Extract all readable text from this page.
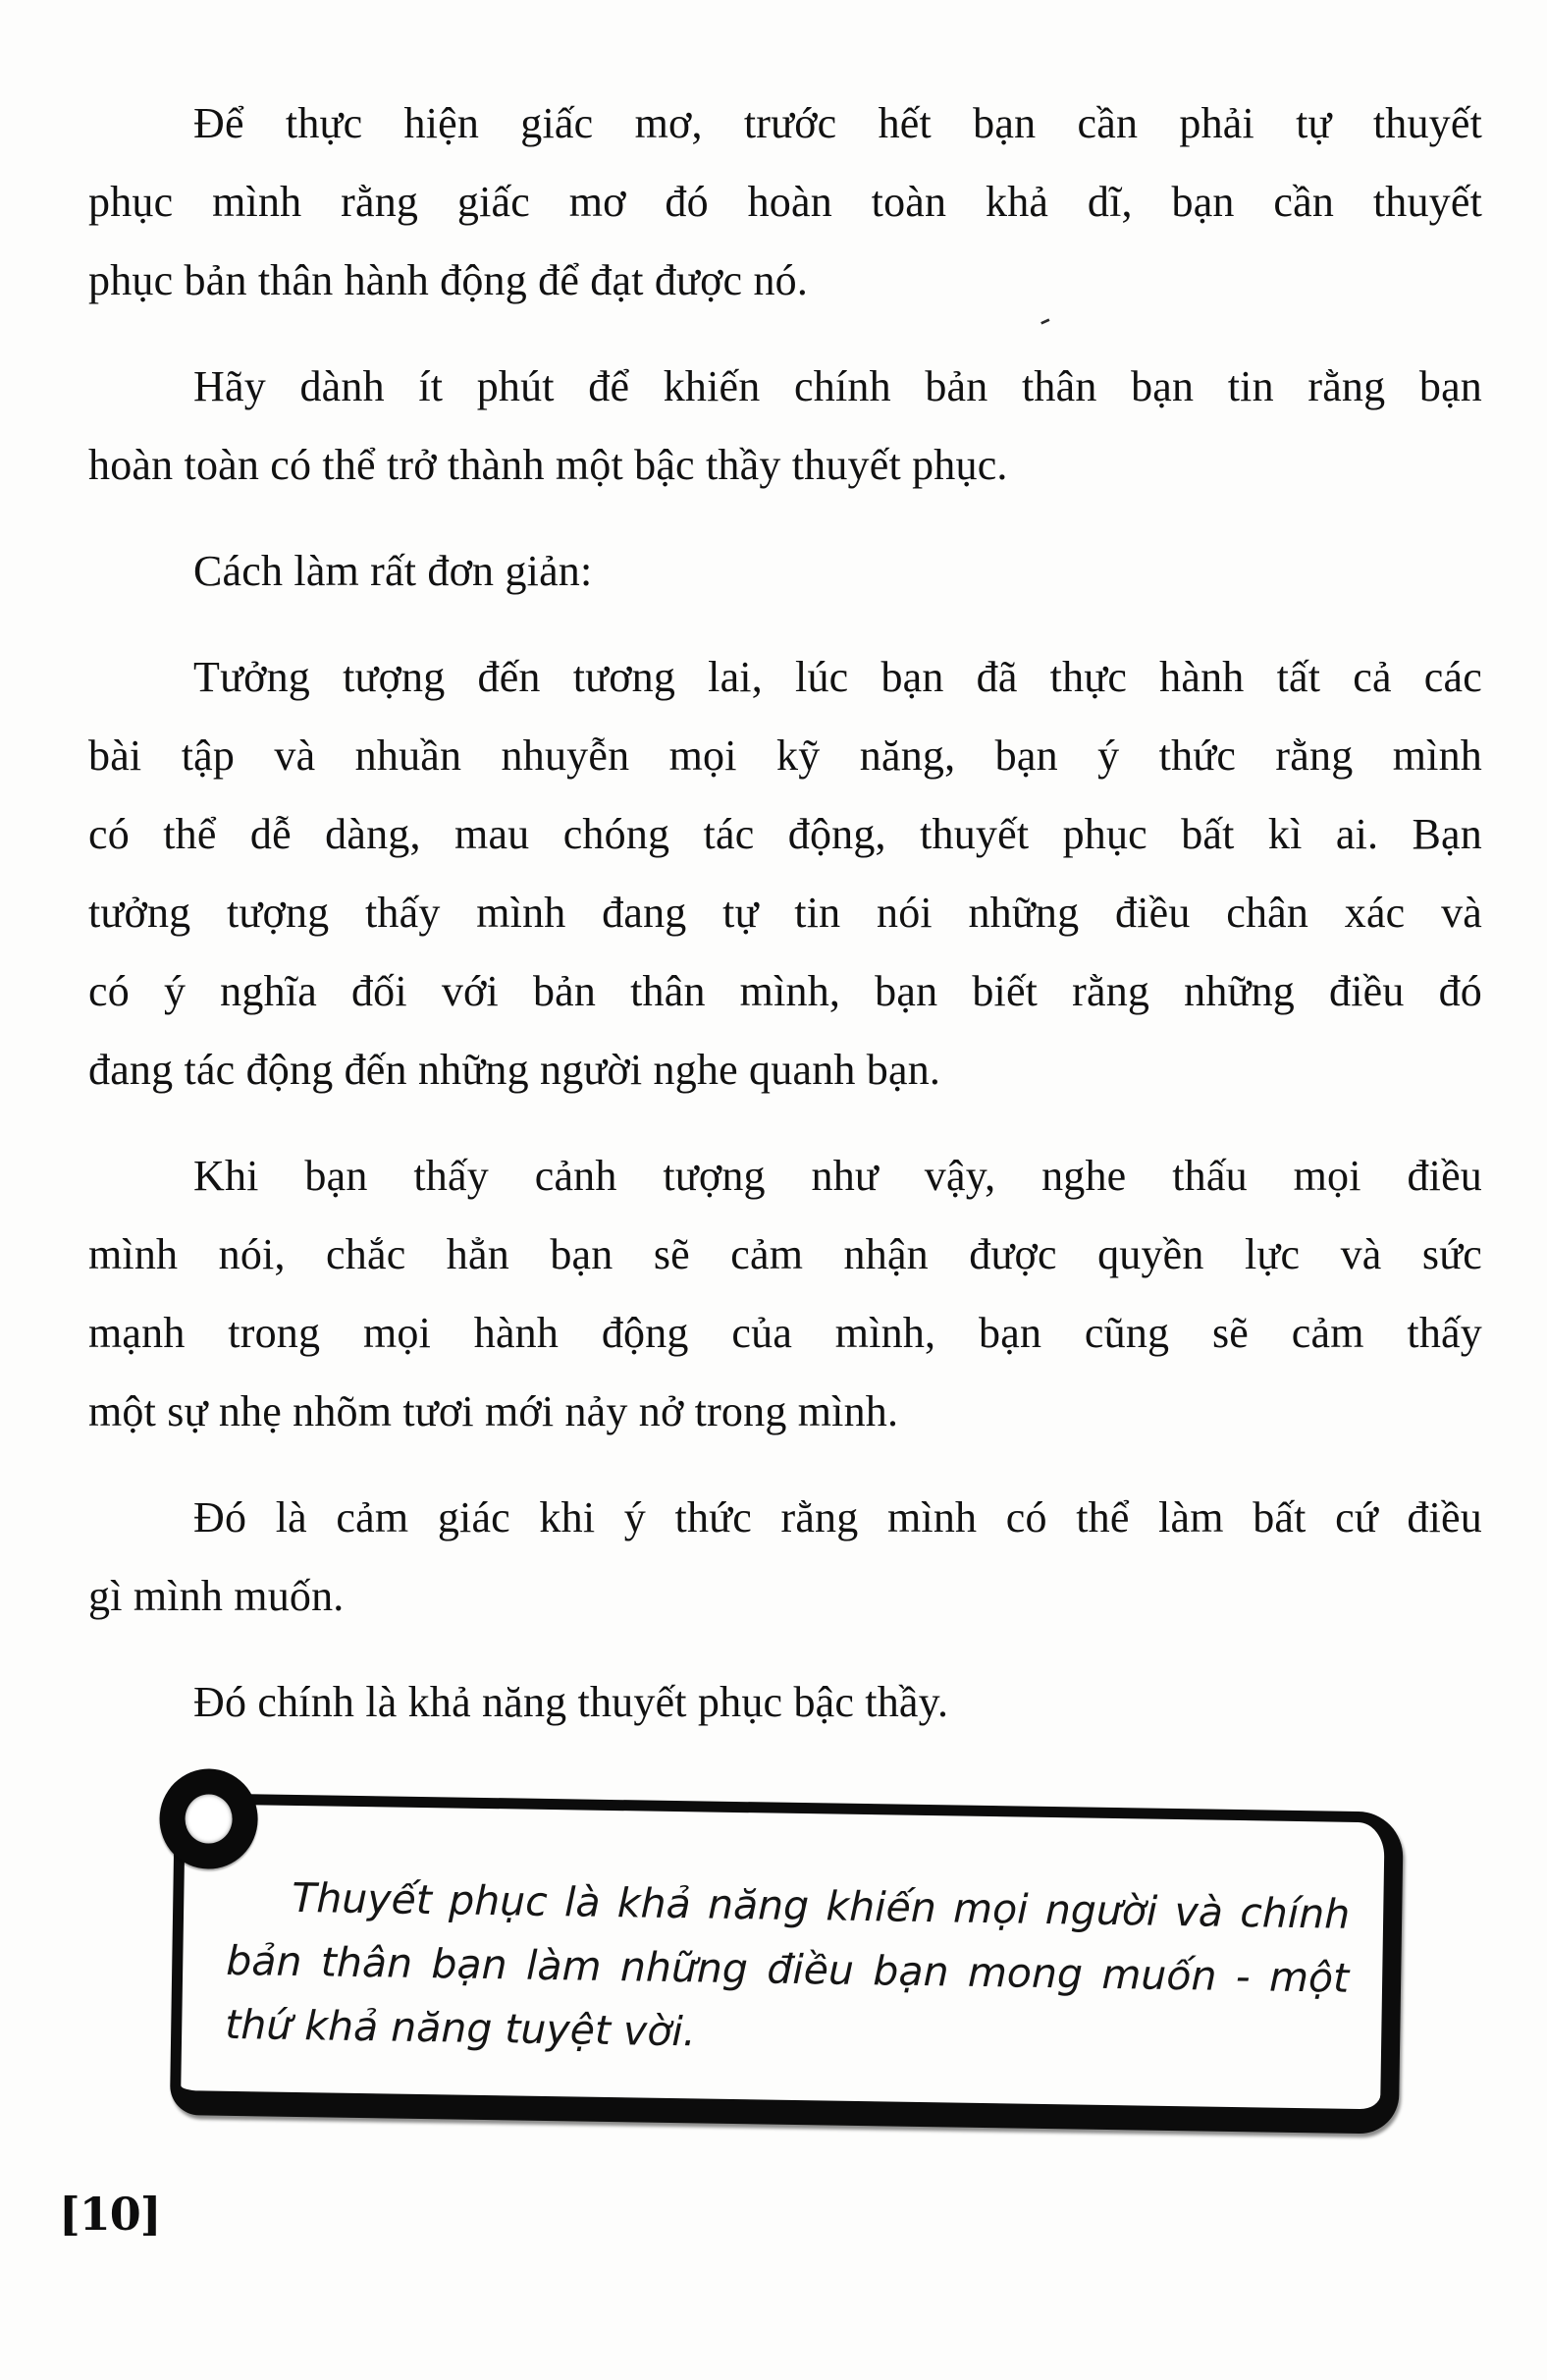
Để thực hiện giấc mơ, trước hết bạn cần phải tự thuyết
phục mình rằng giấc mơ đó hoàn toàn khả dĩ, bạn cần thuyết
phục bản thân hành động để đạt được nó.
Hãy dành ít phút để khiến chính bản thân bạn tin rằng bạn
hoàn toàn có thể trở thành một bậc thầy thuyết phục.
Cách làm rất đơn giản:
Tưởng tượng đến tương lai, lúc bạn đã thực hành tất cả các
bài tập và nhuần nhuyễn mọi kỹ năng, bạn ý thức rằng mình
có thể dễ dàng, mau chóng tác động, thuyết phục bất kì ai. Bạn
tưởng tượng thấy mình đang tự tin nói những điều chân xác và
có ý nghĩa đối với bản thân mình, bạn biết rằng những điều đó
đang tác động đến những người nghe quanh bạn.
Khi bạn thấy cảnh tượng như vậy, nghe thấu mọi điều
mình nói, chắc hẳn bạn sẽ cảm nhận được quyền lực và sức
mạnh trong mọi hành động của mình, bạn cũng sẽ cảm thấy
một sự nhẹ nhõm tươi mới nảy nở trong mình.
Đó là cảm giác khi ý thức rằng mình có thể làm bất cứ điều
gì mình muốn.
Đó chính là khả năng thuyết phục bậc thầy.
-
Thuyết phục là khả năng khiến mọi người và chính
bản thân bạn làm những điều bạn mong muốn - một
thứ khả năng tuyệt vời.
[10]
